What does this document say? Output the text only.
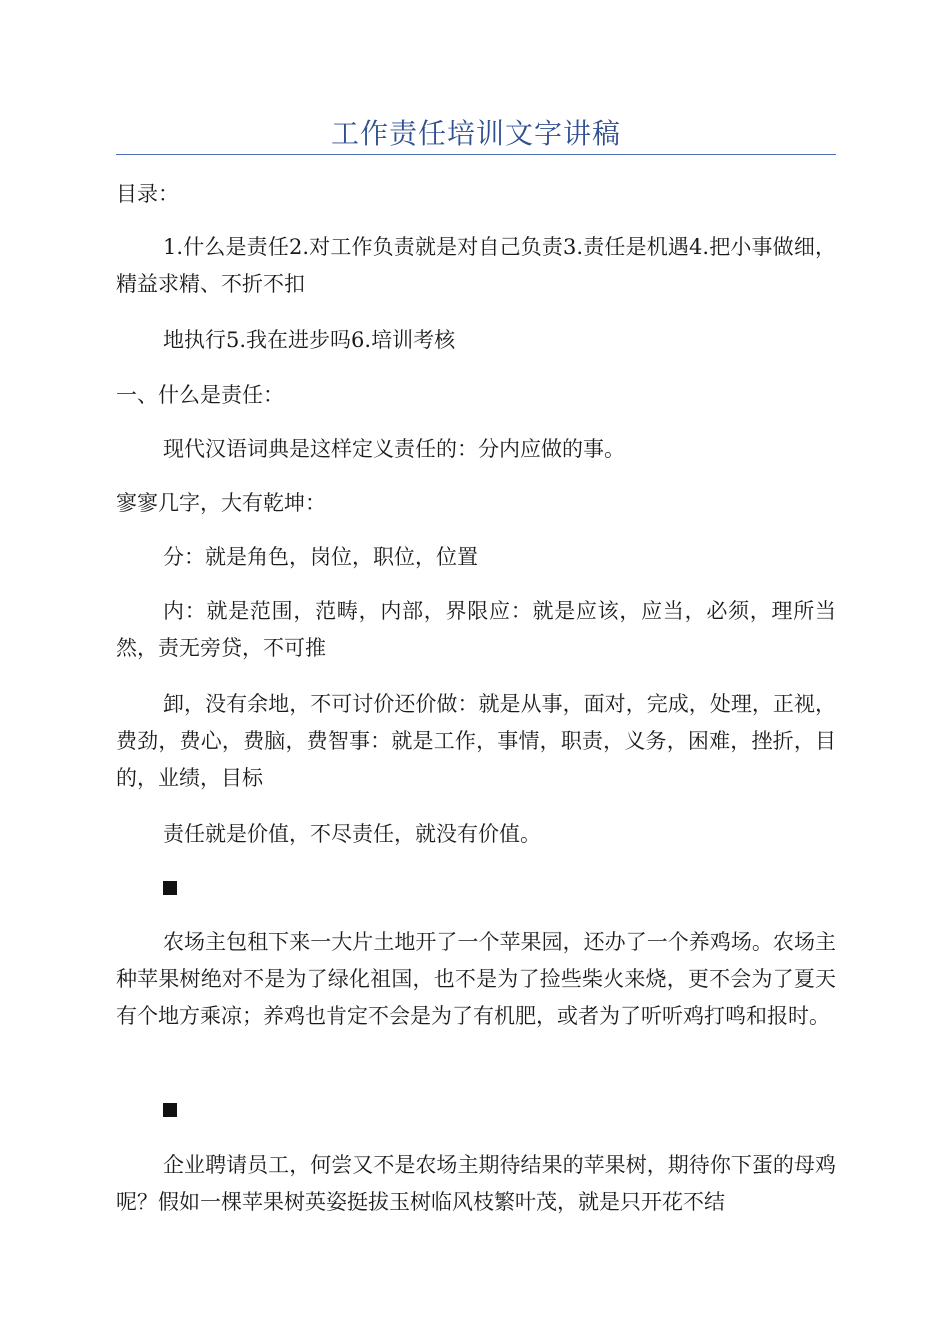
工作责任培训文字讲稿

目录：

1.什么是责任2.对工作负责就是对自己负责3.责任是机遇4.把小事做细，精益求精、不折不扣

地执行5.我在进步吗6.培训考核

一、什么是责任：

现代汉语词典是这样定义责任的：分内应做的事。

寥寥几字，大有乾坤：

分：就是角色，岗位，职位，位置

内：就是范围，范畴，内部，界限应：就是应该，应当，必须，理所当然，责无旁贷，不可推

卸，没有余地，不可讨价还价做：就是从事，面对，完成，处理，正视，费劲，费心，费脑，费智事：就是工作，事情，职责，义务，困难，挫折，目的，业绩，目标

责任就是价值，不尽责任，就没有价值。

农场主包租下来一大片土地开了一个苹果园，还办了一个养鸡场。农场主种苹果树绝对不是为了绿化祖国，也不是为了捡些柴火来烧，更不会为了夏天有个地方乘凉；养鸡也肯定不会是为了有机肥，或者为了听听鸡打鸣和报时。

企业聘请员工，何尝又不是农场主期待结果的苹果树，期待你下蛋的母鸡呢？假如一棵苹果树英姿挺拔玉树临风枝繁叶茂，就是只开花不结
